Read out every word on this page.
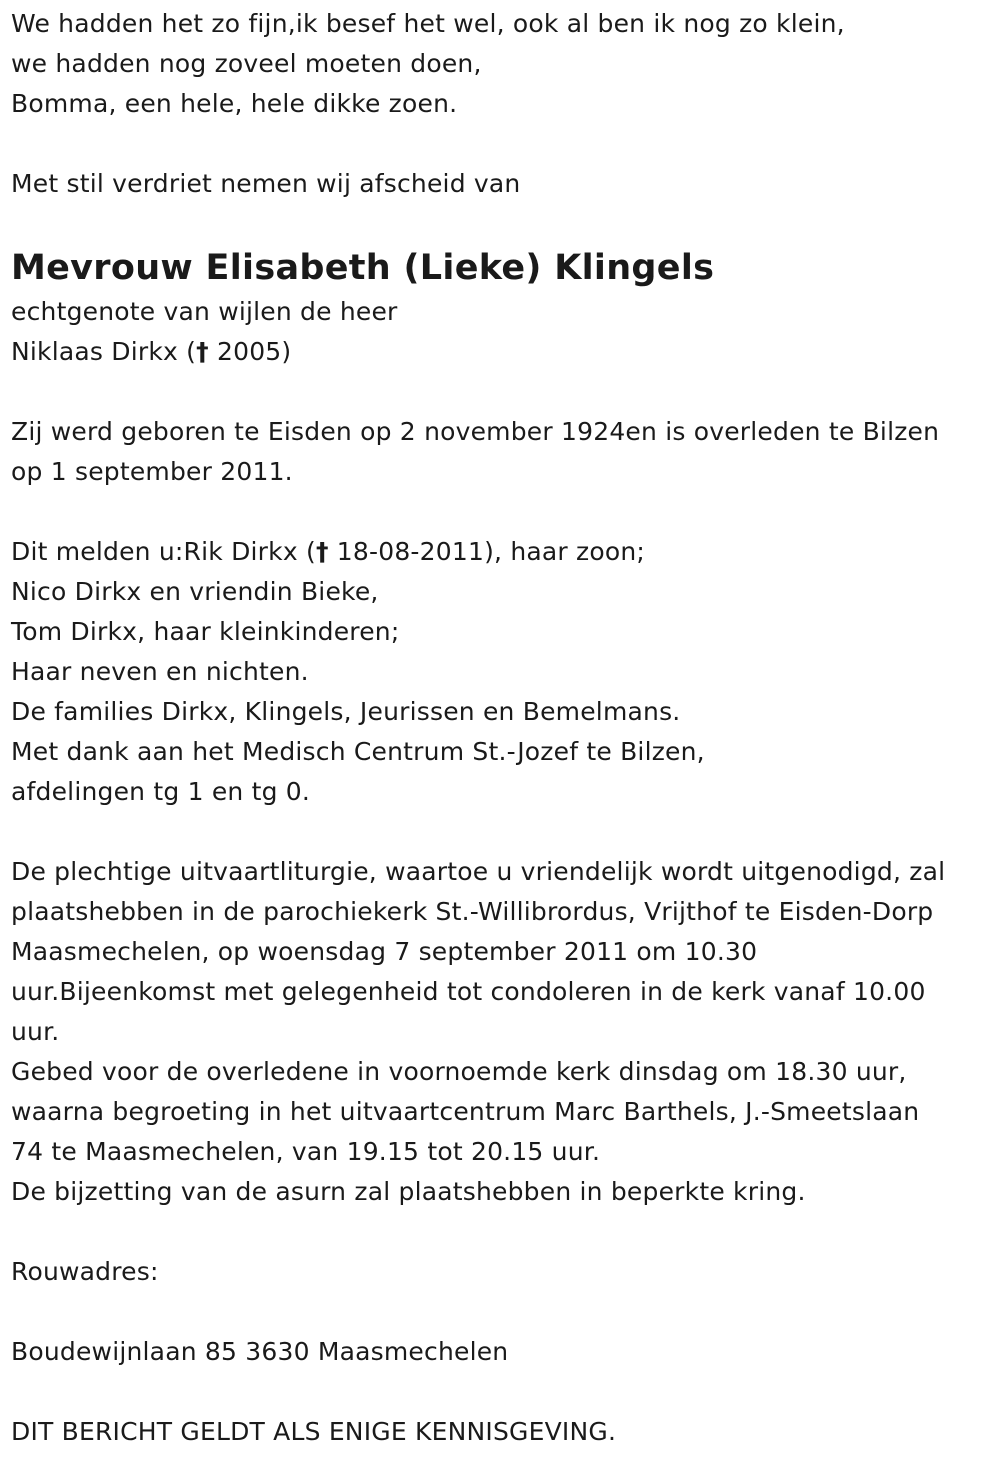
We hadden het zo fijn,ik besef het wel, ook al ben ik nog zo klein,
we hadden nog zoveel moeten doen,
Bomma, een hele, hele dikke zoen.
Met stil verdriet nemen wij afscheid van
Mevrouw Elisabeth (Lieke) Klingels
echtgenote van wijlen de heer
Niklaas Dirkx († 2005)
Zij werd geboren te Eisden op 2 november 1924en is overleden te Bilzen
op 1 september 2011.
Dit melden u:Rik Dirkx († 18-08-2011), haar zoon;
Nico Dirkx en vriendin Bieke,
Tom Dirkx, haar kleinkinderen;
Haar neven en nichten.
De families Dirkx, Klingels, Jeurissen en Bemelmans.
Met dank aan het Medisch Centrum St.-Jozef te Bilzen,
afdelingen tg 1 en tg 0.
De plechtige uitvaartliturgie, waartoe u vriendelijk wordt uitgenodigd, zal
plaatshebben in de parochiekerk St.-Willibrordus, Vrijthof te Eisden-Dorp
Maasmechelen, op woensdag 7 september 2011 om 10.30
uur.Bijeenkomst met gelegenheid tot condoleren in de kerk vanaf 10.00
uur.
Gebed voor de overledene in voornoemde kerk dinsdag om 18.30 uur,
waarna begroeting in het uitvaartcentrum Marc Barthels, J.-Smeetslaan
74 te Maasmechelen, van 19.15 tot 20.15 uur.
De bijzetting van de asurn zal plaatshebben in beperkte kring.
Rouwadres:
Boudewijnlaan 85 3630 Maasmechelen
DIT BERICHT GELDT ALS ENIGE KENNISGEVING.
